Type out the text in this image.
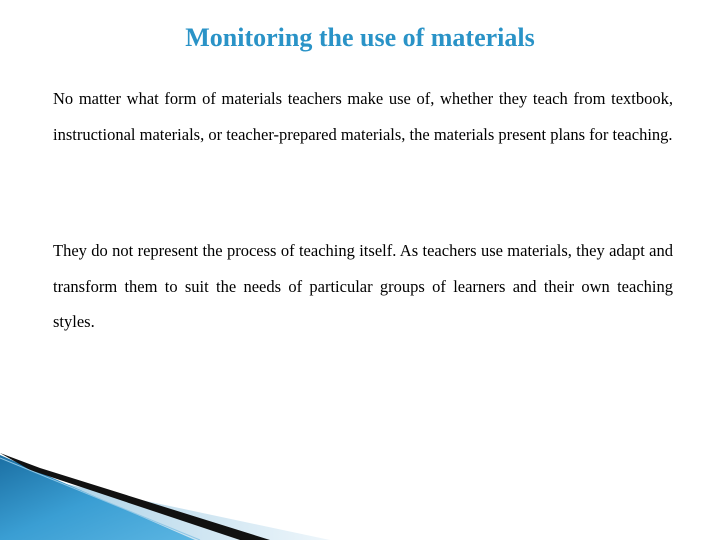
Monitoring the use of materials

No matter what form of materials teachers make use of, whether they teach from textbook, instructional materials, or teacher-prepared materials, the materials present plans for teaching.

They do not represent the process of teaching itself. As teachers use materials, they adapt and transform them to suit the needs of particular groups of learners and their own teaching styles.
